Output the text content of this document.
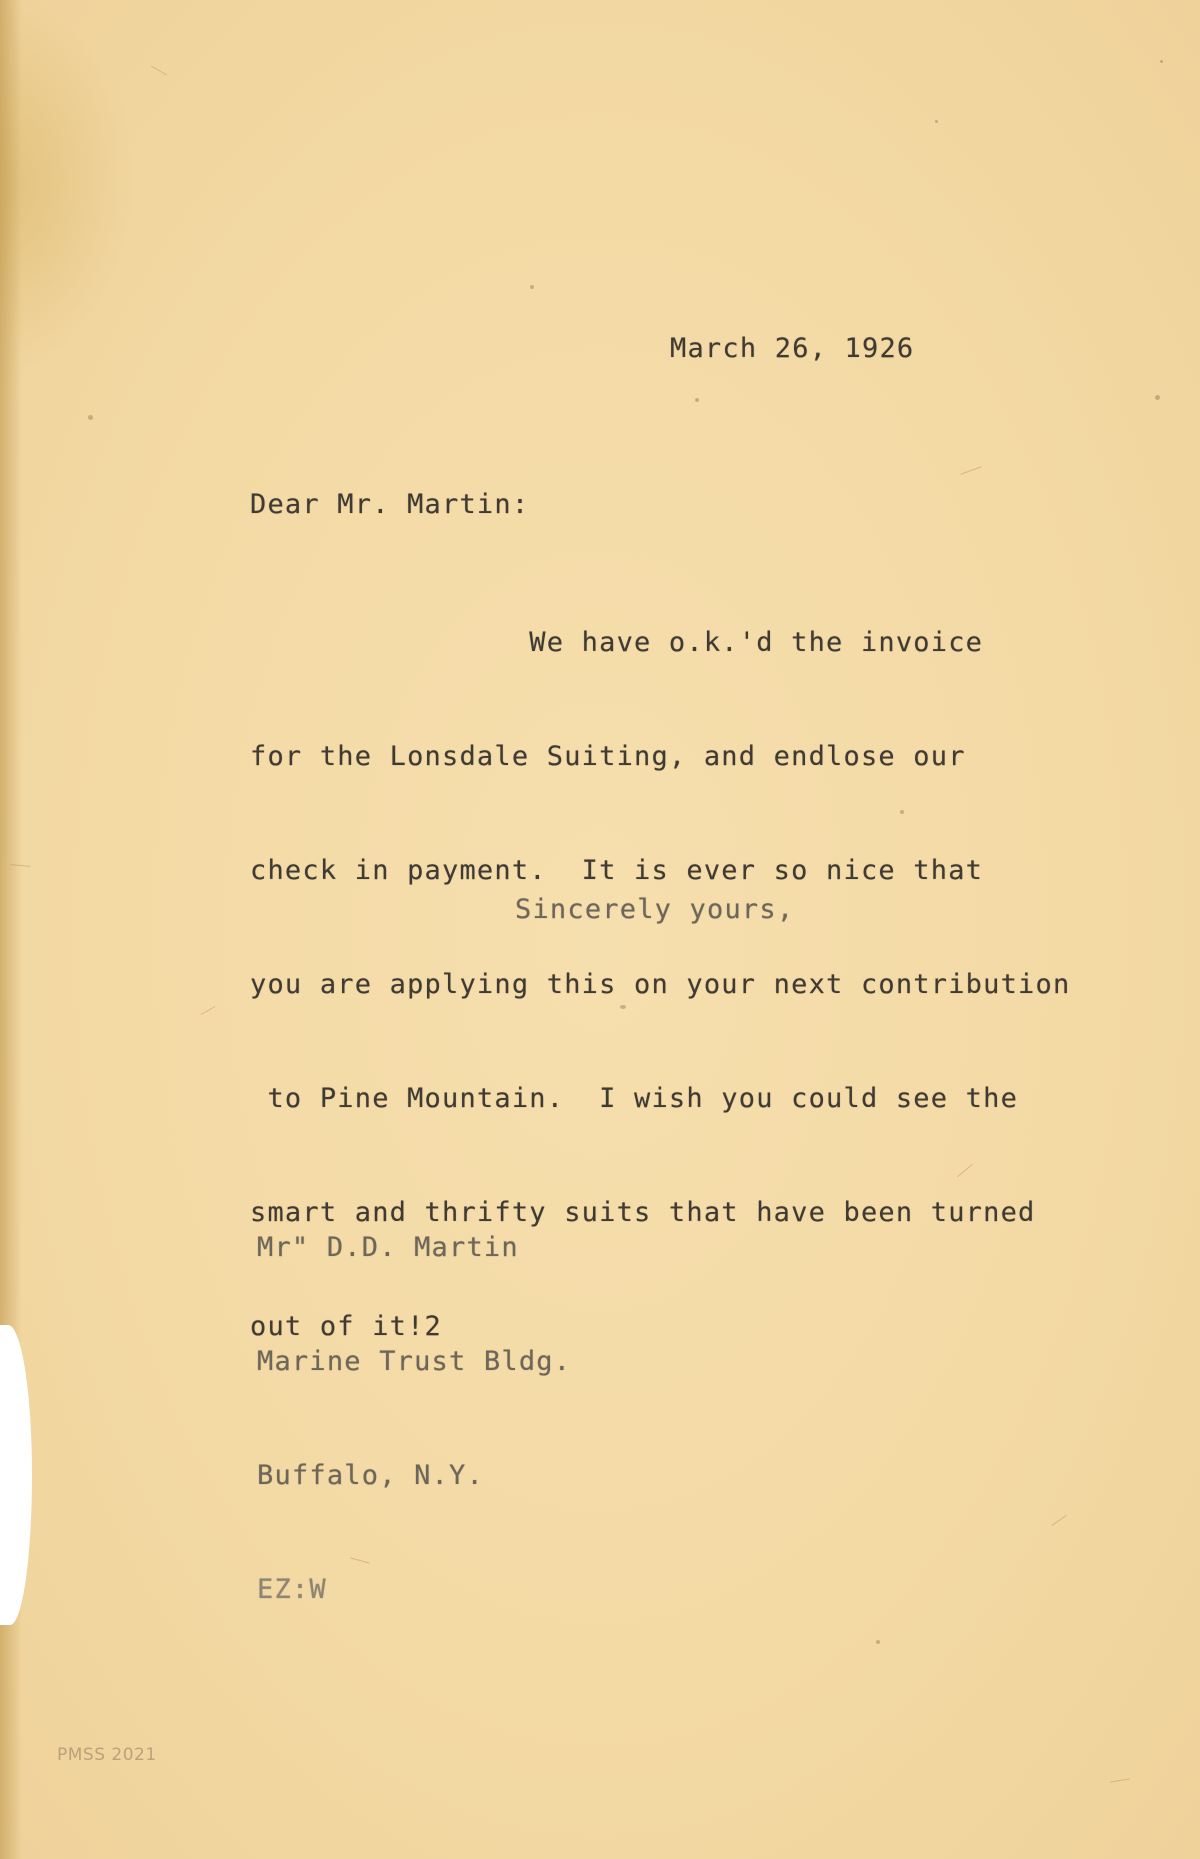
March 26, 1926
Dear Mr. Martin:

We have o.k.'d the invoice

for the Lonsdale Suiting, and endlose our

check in payment.  It is ever so nice that

you are applying this on your next contribution

to Pine Mountain.  I wish you could see the

smart and thrifty suits that have been turned

out of it!2

Sincerely yours,

Mr" D.D. Martin

Marine Trust Bldg.

Buffalo, N.Y.

EZ:W

PMSS 2021
